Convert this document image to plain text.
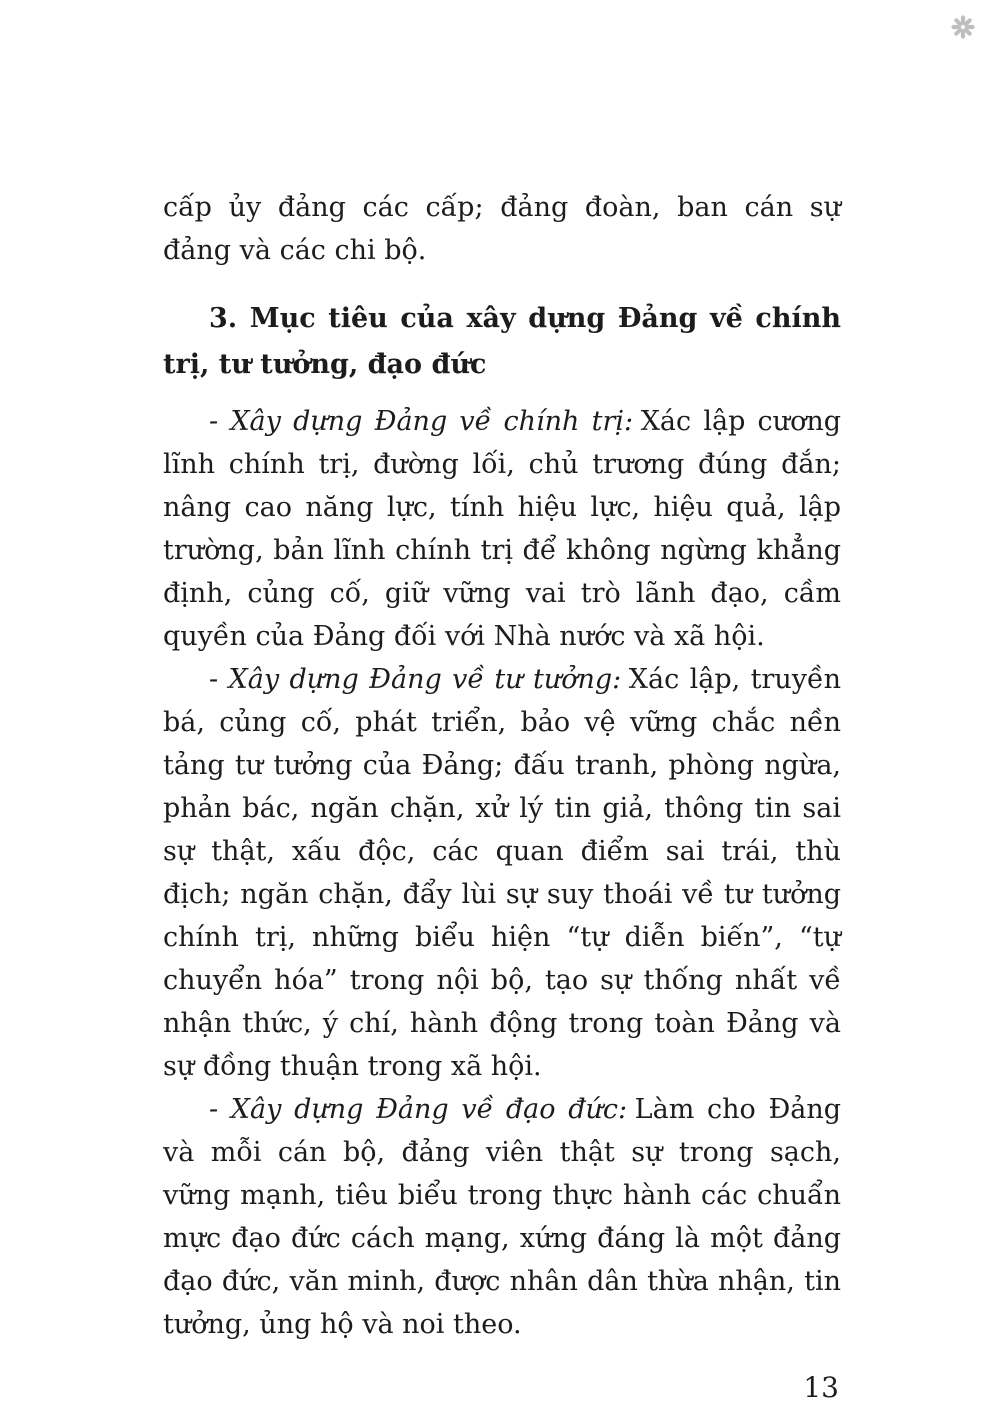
cấp ủy đảng các cấp; đảng đoàn, ban cán sự đảng và các chi bộ.

3. Mục tiêu của xây dựng Đảng về chính trị, tư tưởng, đạo đức

- Xây dựng Đảng về chính trị: Xác lập cương lĩnh chính trị, đường lối, chủ trương đúng đắn; nâng cao năng lực, tính hiệu lực, hiệu quả, lập trường, bản lĩnh chính trị để không ngừng khẳng định, củng cố, giữ vững vai trò lãnh đạo, cầm quyền của Đảng đối với Nhà nước và xã hội.

- Xây dựng Đảng về tư tưởng: Xác lập, truyền bá, củng cố, phát triển, bảo vệ vững chắc nền tảng tư tưởng của Đảng; đấu tranh, phòng ngừa, phản bác, ngăn chặn, xử lý tin giả, thông tin sai sự thật, xấu độc, các quan điểm sai trái, thù địch; ngăn chặn, đẩy lùi sự suy thoái về tư tưởng chính trị, những biểu hiện “tự diễn biến”, “tự chuyển hóa” trong nội bộ, tạo sự thống nhất về nhận thức, ý chí, hành động trong toàn Đảng và sự đồng thuận trong xã hội.

- Xây dựng Đảng về đạo đức: Làm cho Đảng và mỗi cán bộ, đảng viên thật sự trong sạch, vững mạnh, tiêu biểu trong thực hành các chuẩn mực đạo đức cách mạng, xứng đáng là một đảng đạo đức, văn minh, được nhân dân thừa nhận, tin tưởng, ủng hộ và noi theo.

13
